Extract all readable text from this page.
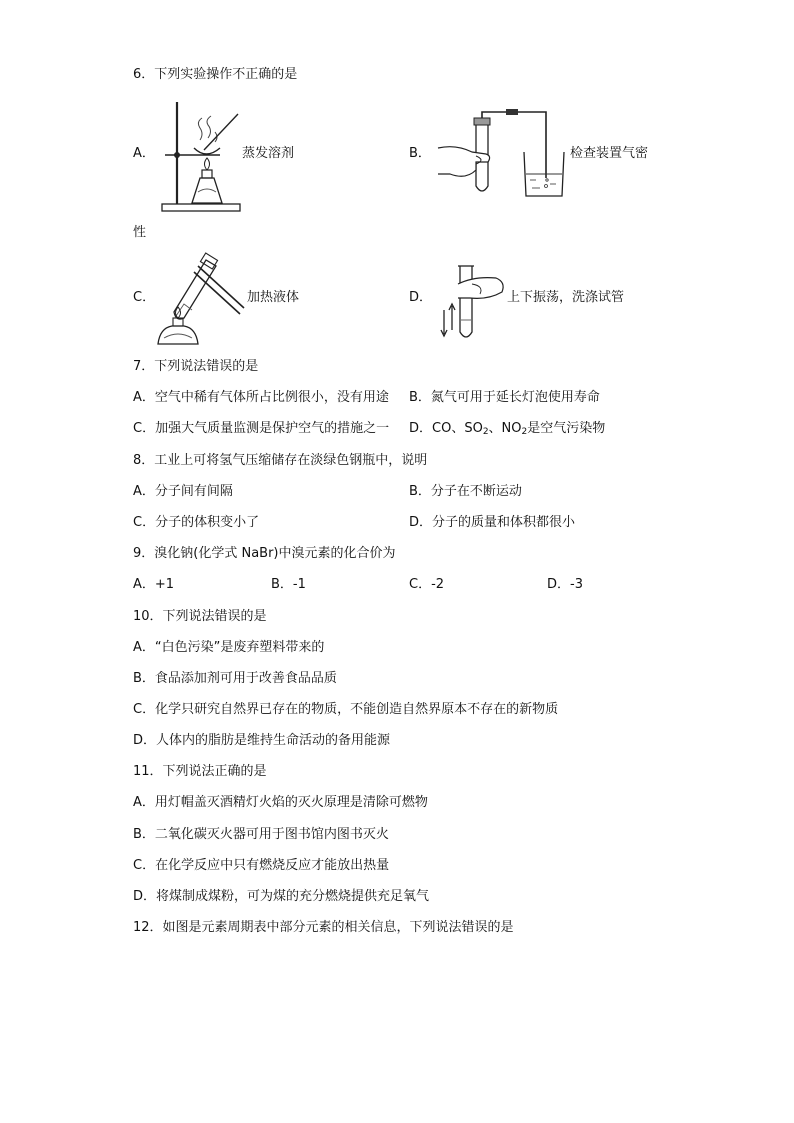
6．下列实验操作不正确的是
A．	蒸发溶剂	B．	检查装置气密
性
C．	加热液体	D．	上下振荡，洗涤试管
7．下列说法错误的是
A．空气中稀有气体所占比例很小，没有用途 B．氮气可用于延长灯泡使用寿命
C．加强大气质量监测是保护空气的措施之一 D．CO、$SO_2$、$NO_2$是空气污染物
8．工业上可将氢气压缩储存在淡绿色钢瓶中，说明
A．分子间有间隔	B．分子在不断运动
C．分子的体积变小了	D．分子的质量和体积都很小
9．溴化钠(化学式 NaBr)中溴元素的化合价为
A．+1	B．-1	C．-2	D．-3
10．下列说法错误的是
A．“白色污染”是废弃塑料带来的
B．食品添加剂可用于改善食品品质
C．化学只研究自然界已存在的物质，不能创造自然界原本不存在的新物质
D．人体内的脂肪是维持生命活动的备用能源
11．下列说法正确的是
A．用灯帽盖灭酒精灯火焰的灭火原理是清除可燃物
B．二氧化碳灭火器可用于图书馆内图书灭火
C．在化学反应中只有燃烧反应才能放出热量
D．将煤制成煤粉，可为煤的充分燃烧提供充足氧气
12．如图是元素周期表中部分元素的相关信息，下列说法错误的是
